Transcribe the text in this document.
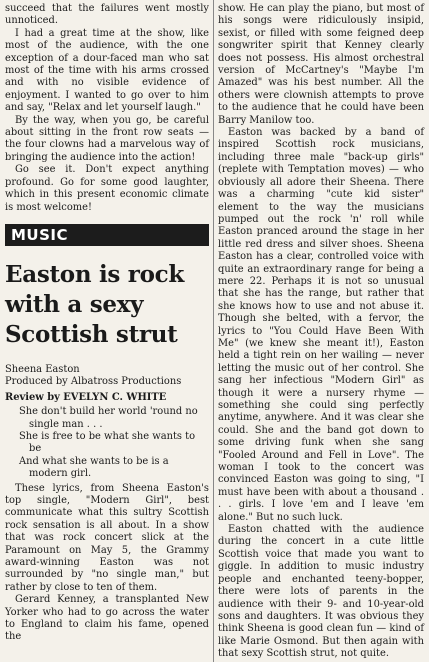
succeed that the failures went mostly unnoticed.

I had a great time at the show, like most of the audience, with the one exception of a dour-faced man who sat most of the time with his arms crossed and with no visible evidence of enjoyment. I wanted to go over to him and say, "Relax and let yourself laugh."

By the way, when you go, be careful about sitting in the front row seats — the four clowns had a marvelous way of bringing the audience into the action!

Go see it. Don't expect anything profound. Go for some good laughter, which in this present economic climate is most welcome!

MUSIC
Easton is rock with a sexy Scottish strut
Sheena Easton
Produced by Albatross Productions
Review by EVELYN C. WHITE
She don't build her world 'round no single man . . .
She is free to be what she wants to be
And what she wants to be is a modern girl.

These lyrics, from Sheena Easton's top single, "Modern Girl", best communicate what this sultry Scottish rock sensation is all about. In a show that was rock concert slick at the Paramount on May 5, the Grammy award-winning Easton was not surrounded by "no single man," but rather by close to ten of them.

Gerard Kenney, a transplanted New Yorker who had to go across the water to England to claim his fame, opened the

show. He can play the piano, but most of his songs were ridiculously insipid, sexist, or filled with some feigned deep songwriter spirit that Kenney clearly does not possess. His almost orchestral version of McCartney's "Maybe I'm Amazed" was his best number. All the others were clownish attempts to prove to the audience that he could have been Barry Manilow too.

Easton was backed by a band of inspired Scottish rock musicians, including three male "back-up girls" (replete with Temptation moves) — who obviously all adore their Sheena. There was a charming "cute kid sister" element to the way the musicians pumped out the rock 'n' roll while Easton pranced around the stage in her little red dress and silver shoes. Sheena Easton has a clear, controlled voice with quite an extraordinary range for being a mere 22. Perhaps it is not so unusual that she has the range, but rather that she knows how to use and not abuse it. Though she belted, with a fervor, the lyrics to "You Could Have Been With Me" (we knew she meant it!), Easton held a tight rein on her wailing — never letting the music out of her control. She sang her infectious "Modern Girl" as though it were a nursery rhyme — something she could sing perfectly anytime, anywhere. And it was clear she could. She and the band got down to some driving funk when she sang "Fooled Around and Fell in Love". The woman I took to the concert was convinced Easton was going to sing, "I must have been with about a thousand . . . girls. I love 'em and I leave 'em alone." But no such luck.

Easton chatted with the audience during the concert in a cute little Scottish voice that made you want to giggle. In addition to music industry people and enchanted teeny-bopper, there were lots of parents in the audience with their 9- and 10-year-old sons and daughters. It was obvious they think Sheena is good clean fun — kind of like Marie Osmond. But then again with that sexy Scottish strut, not quite.
